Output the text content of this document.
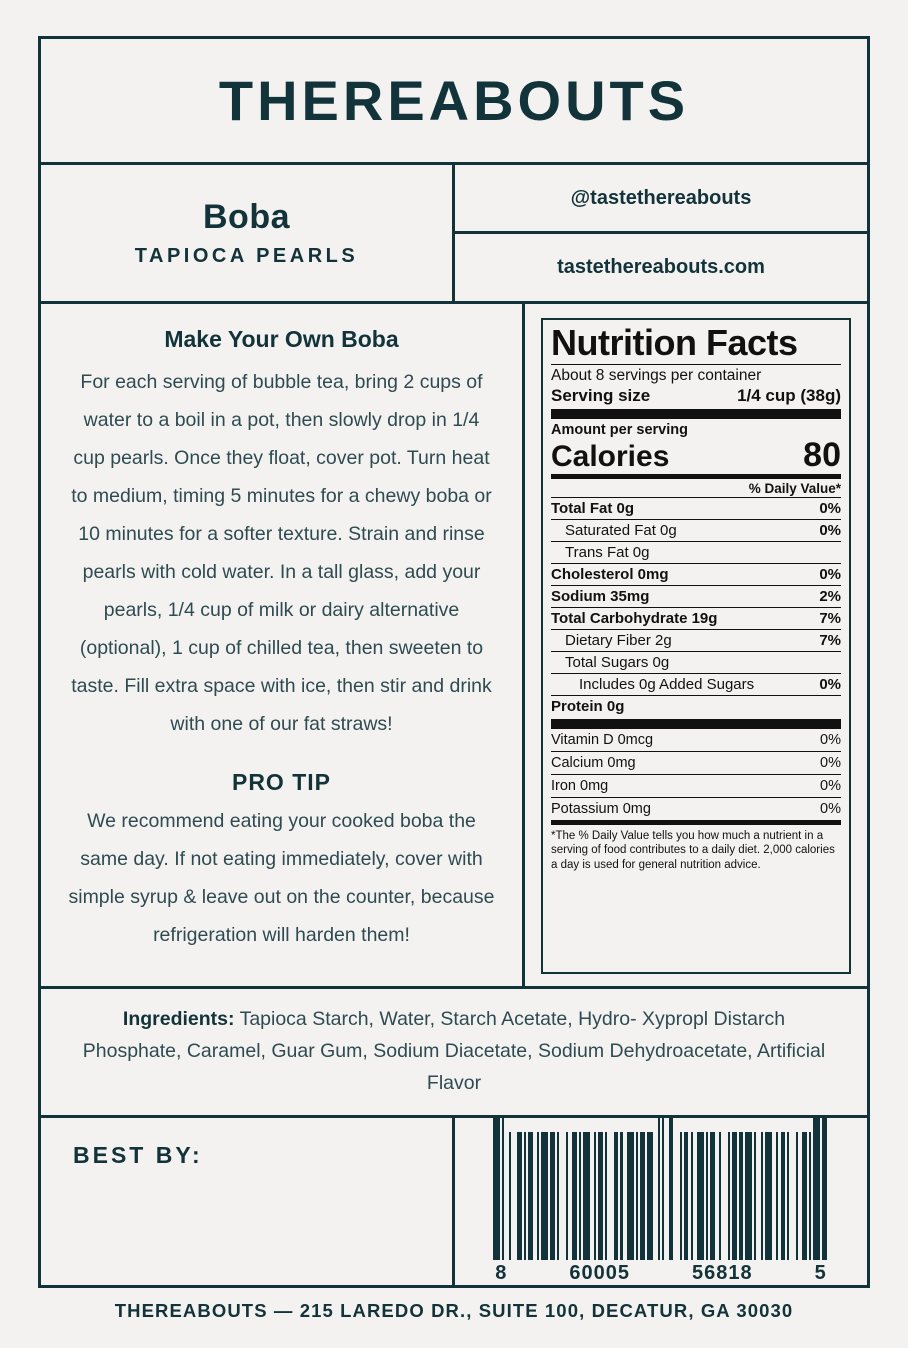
THEREABOUTS
Boba
TAPIOCA PEARLS
@tastethereabouts
tastethereabouts.com
Make Your Own Boba

For each serving of bubble tea, bring 2 cups of water to a boil in a pot, then slowly drop in 1/4 cup pearls. Once they float, cover pot. Turn heat to medium, timing 5 minutes for a chewy boba or 10 minutes for a softer texture. Strain and rinse pearls with cold water. In a tall glass, add your pearls, 1/4 cup of milk or dairy alternative (optional), 1 cup of chilled tea, then sweeten to taste. Fill extra space with ice, then stir and drink with one of our fat straws!

PRO TIP

We recommend eating your cooked boba the same day. If not eating immediately, cover with simple syrup & leave out on the counter, because refrigeration will harden them!

Nutrition Facts
About 8 servings per container
Serving size	1/4 cup (38g)
Amount per serving
Calories	80
% Daily Value*
Total Fat 0g	0%
Saturated Fat 0g	0%
Trans Fat 0g
Cholesterol 0mg	0%
Sodium 35mg	2%
Total Carbohydrate 19g	7%
Dietary Fiber 2g	7%
Total Sugars 0g
Includes 0g Added Sugars	0%
Protein 0g
Vitamin D 0mcg	0%
Calcium 0mg	0%
Iron 0mg	0%
Potassium 0mg	0%
*The % Daily Value tells you how much a nutrient in a serving of food contributes to a daily diet. 2,000 calories a day is used for general nutrition advice.
Ingredients: Tapioca Starch, Water, Starch Acetate, Hydro- Xypropl Distarch Phosphate, Caramel, Guar Gum, Sodium Diacetate, Sodium Dehydroacetate, Artificial Flavor
BEST BY:
8	60005	56818	5
THEREABOUTS — 215 LAREDO DR., SUITE 100, DECATUR, GA 30030
